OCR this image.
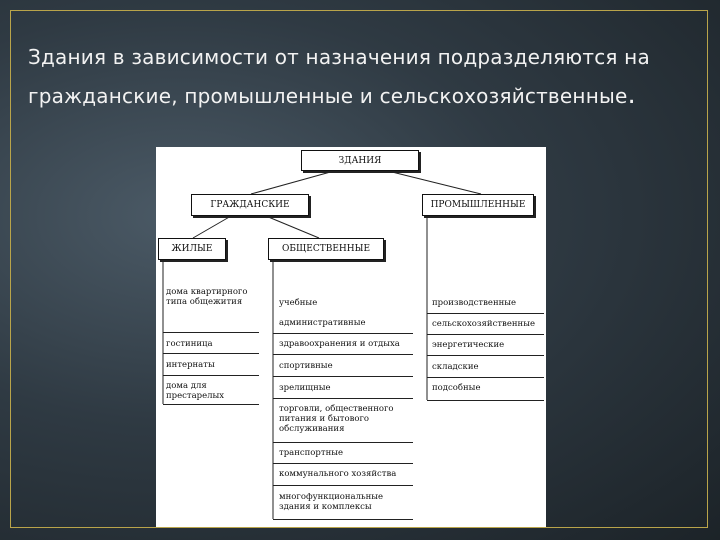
Здания в зависимости от назначения подразделяются на гражданские, промышленные и сельскохозяйственные.
ЗДАНИЯ
ГРАЖДАНСКИЕ	ПРОМЫШЛЕННЫЕ
ЖИЛЫЕ	ОБЩЕСТВЕННЫЕ
дома квартирного типа общежития
гостиница
интернаты
дома для престарелых
учебные
административные
здравоохранения и отдыха
спортивные
зрелищные
торговли, общественного питания и бытового обслуживания
транспортные
коммунального хозяйства
многофункциональные здания и комплексы
производственные
сельскохозяйственные
энергетические
складские
подсобные
